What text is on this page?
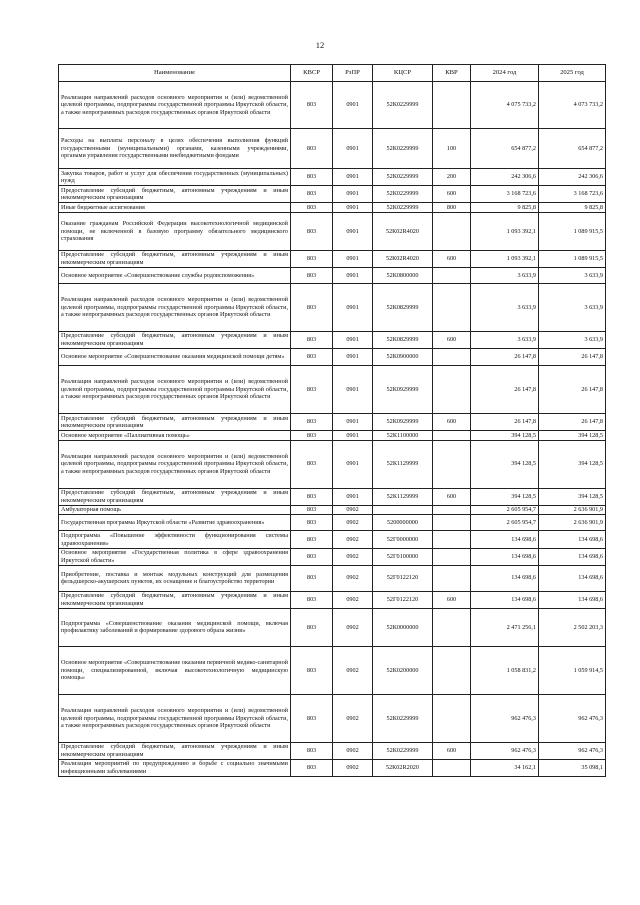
12
Наименование	КВСР	РзПР	КЦСР	КВР	2024 год	2025 год
Реализация направлений расходов основного мероприятия и (или) ведомственной целевой программы, подпрограммы государственной программы Иркутской области, а также непрограммных расходов государственных органов Иркутской области	803	0901	52К0229999		4 075 733,2	4 073 733,2
Расходы на выплаты персоналу в целях обеспечения выполнения функций государственными (муниципальными) органами, казенными учреждениями, органами управления государственными внебюджетными фондами	803	0901	52К0229999	100	654 877,2	654 877,2
Закупка товаров, работ и услуг для обеспечения государственных (муниципальных) нужд	803	0901	52К0229999	200	242 306,6	242 306,6
Предоставление субсидий бюджетным, автономным учреждениям и иным некоммерческим организациям	803	0901	52К0229999	600	3 168 723,6	3 168 723,6
Иные бюджетные ассигнования	803	0901	52К0229999	800	9 825,8	9 825,8
Оказание гражданам Российской Федерации высокотехнологичной медицинской помощи, не включенной в базовую программу обязательного медицинского страхования	803	0901	52К02R4020		1 093 392,1	1 089 915,5
Предоставление субсидий бюджетным, автономным учреждениям и иным некоммерческим организациям	803	0901	52К02R4020	600	1 093 392,1	1 089 915,5
Основное мероприятие «Совершенствование службы родовспоможения»	803	0901	52К0800000		3 633,9	3 633,9
Реализация направлений расходов основного мероприятия и (или) ведомственной целевой программы, подпрограммы государственной программы Иркутской области, а также непрограммных расходов государственных органов Иркутской области	803	0901	52К0829999		3 633,9	3 633,9
Предоставление субсидий бюджетным, автономным учреждениям и иным некоммерческим организациям	803	0901	52К0829999	600	3 633,9	3 633,9
Основное мероприятие «Совершенствование оказания медицинской помощи детям»	803	0901	52К0900000		26 147,8	26 147,8
Реализация направлений расходов основного мероприятия и (или) ведомственной целевой программы, подпрограммы государственной программы Иркутской области, а также непрограммных расходов государственных органов Иркутской области	803	0901	52К0929999		26 147,8	26 147,8
Предоставление субсидий бюджетным, автономным учреждениям и иным некоммерческим организациям	803	0901	52К0929999	600	26 147,8	26 147,8
Основное мероприятие «Паллиативная помощь»	803	0901	52К1100000		394 128,5	394 128,5
Реализация направлений расходов основного мероприятия и (или) ведомственной целевой программы, подпрограммы государственной программы Иркутской области, а также непрограммных расходов государственных органов Иркутской области	803	0901	52К1129999		394 128,5	394 128,5
Предоставление субсидий бюджетным, автономным учреждениям и иным некоммерческим организациям	803	0901	52К1129999	600	394 128,5	394 128,5
Амбулаторная помощь	803	0902			2 605 954,7	2 636 901,9
Государственная программа Иркутской области «Развитие здравоохранения»	803	0902	5200000000		2 605 954,7	2 636 901,9
Подпрограмма «Повышение эффективности функционирования системы здравоохранения»	803	0902	52Г0000000		134 698,6	134 698,6
Основное мероприятие «Государственная политика в сфере здравоохранения Иркутской области»	803	0902	52Г0100000		134 698,6	134 698,6
Приобретение, поставка и монтаж модульных конструкций для размещения фельдшерско-акушерских пунктов, их оснащение и благоустройство территории	803	0902	52Г0122120		134 698,6	134 698,6
Предоставление субсидий бюджетным, автономным учреждениям и иным некоммерческим организациям	803	0902	52Г0122120	600	134 698,6	134 698,6
Подпрограмма «Совершенствование оказания медицинской помощи, включая профилактику заболеваний и формирование здорового образа жизни»	803	0902	52К0000000		2 471 256,1	2 502 203,3
Основное мероприятие «Совершенствование оказания первичной медико-санитарной помощи, специализированной, включая высокотехнологичную медицинскую помощь»	803	0902	52К0200000		1 058 831,2	1 059 914,5
Реализация направлений расходов основного мероприятия и (или) ведомственной целевой программы, подпрограммы государственной программы Иркутской области, а также непрограммных расходов государственных органов Иркутской области	803	0902	52К0229999		962 476,3	962 476,3
Предоставление субсидий бюджетным, автономным учреждениям и иным некоммерческим организациям	803	0902	52К0229999	600	962 476,3	962 476,3
Реализация мероприятий по предупреждению и борьбе с социально значимыми инфекционными заболеваниями	803	0902	52К02R2020		34 162,1	35 098,1
